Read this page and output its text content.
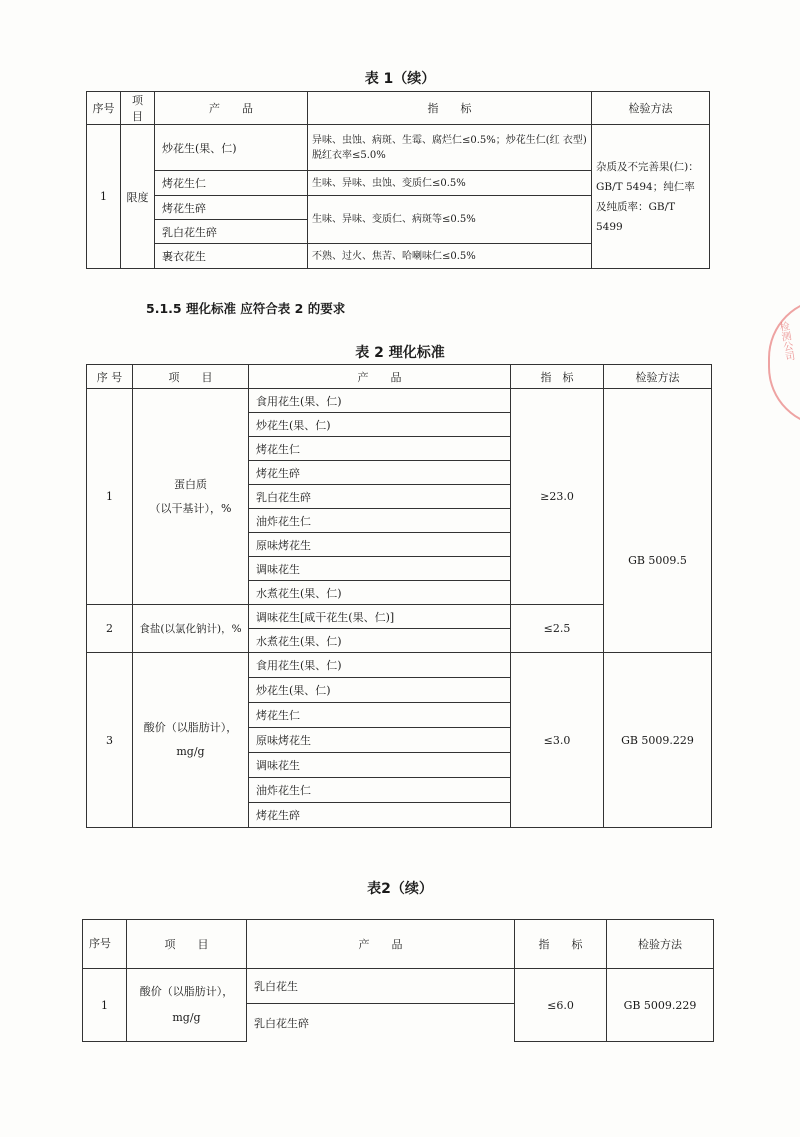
表 1（续）
序号	项 目	产　　品	指　　标	检验方法
1	限度	炒花生(果、仁)	异味、虫蚀、病斑、生霉、腐烂仁≤0.5%；炒花生仁(红 衣型)脱红衣率≤5.0%	杂质及不完善果(仁)：GB/T 5494；纯仁率及纯质率：GB/T 5499
		烤花生仁	生味、异味、虫蚀、变质仁≤0.5%	
		烤花生碎	生味、异味、变质仁、病斑等≤0.5%	
		乳白花生碎		
		裹衣花生	不熟、过火、焦苦、哈喇味仁≤0.5%	
5.1.5 理化标准 应符合表 2 的要求
表 2 理化标准
序 号	项　　目	产　　品	指　标	检验方法
1	蛋白质
（以干基计），%	食用花生(果、仁)	≥23.0	GB 5009.5
		炒花生(果、仁)		
		烤花生仁		
		烤花生碎		
		乳白花生碎		
		油炸花生仁		
		原味烤花生		
		调味花生		
		水煮花生(果、仁)		
2	食盐(以氯化钠计)，%	调味花生[咸干花生(果、仁)]	≤2.5	
		水煮花生(果、仁)		
3	酸价（以脂肪计），
mg/g	食用花生(果、仁)	≤3.0	GB 5009.229
		炒花生(果、仁)		
		烤花生仁		
		原味烤花生		
		调味花生		
		油炸花生仁		
		烤花生碎		
表2（续）
序号	项　　目	产　　品	指　　标	检验方法
1	酸价（以脂肪计），mg/g	乳白花生	≤6.0	GB 5009.229
		乳白花生碎		
检测公司
